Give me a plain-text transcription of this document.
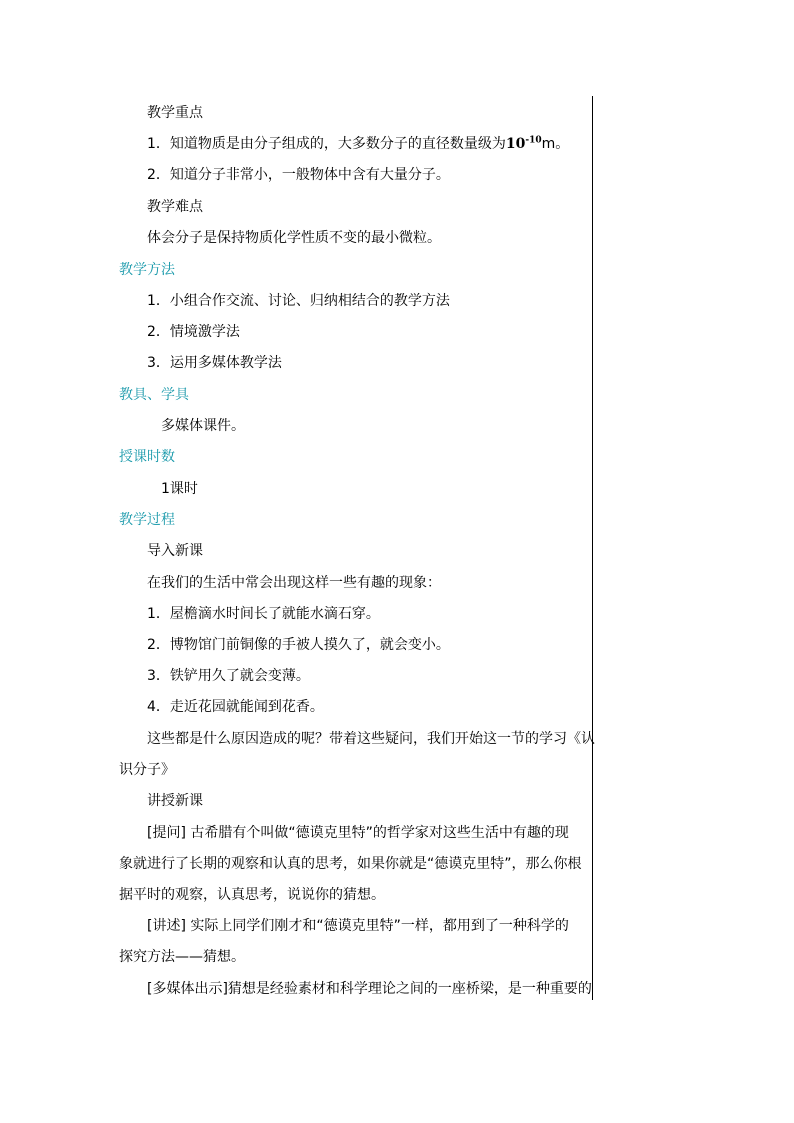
教学重点
1．知道物质是由分子组成的，大多数分子的直径数量级为$10^{-10}m$。
2．知道分子非常小，一般物体中含有大量分子。
教学难点
体会分子是保持物质化学性质不变的最小微粒。
教学方法
1．小组合作交流、讨论、归纳相结合的教学方法
2．情境激学法
3．运用多媒体教学法
教具、学具
多媒体课件。
授课时数
1课时
教学过程
导入新课
在我们的生活中常会出现这样一些有趣的现象：
1．屋檐滴水时间长了就能水滴石穿。
2．博物馆门前铜像的手被人摸久了，就会变小。
3．铁铲用久了就会变薄。
4．走近花园就能闻到花香。
这些都是什么原因造成的呢？带着这些疑问，我们开始这一节的学习《认
识分子》
讲授新课
[提问] 古希腊有个叫做“德谟克里特”的哲学家对这些生活中有趣的现
象就进行了长期的观察和认真的思考，如果你就是“德谟克里特”，那么你根
据平时的观察，认真思考，说说你的猜想。
[讲述] 实际上同学们刚才和“德谟克里特”一样，都用到了一种科学的
探究方法——猜想。
[多媒体出示]猜想是经验素材和科学理论之间的一座桥梁，是一种重要的
